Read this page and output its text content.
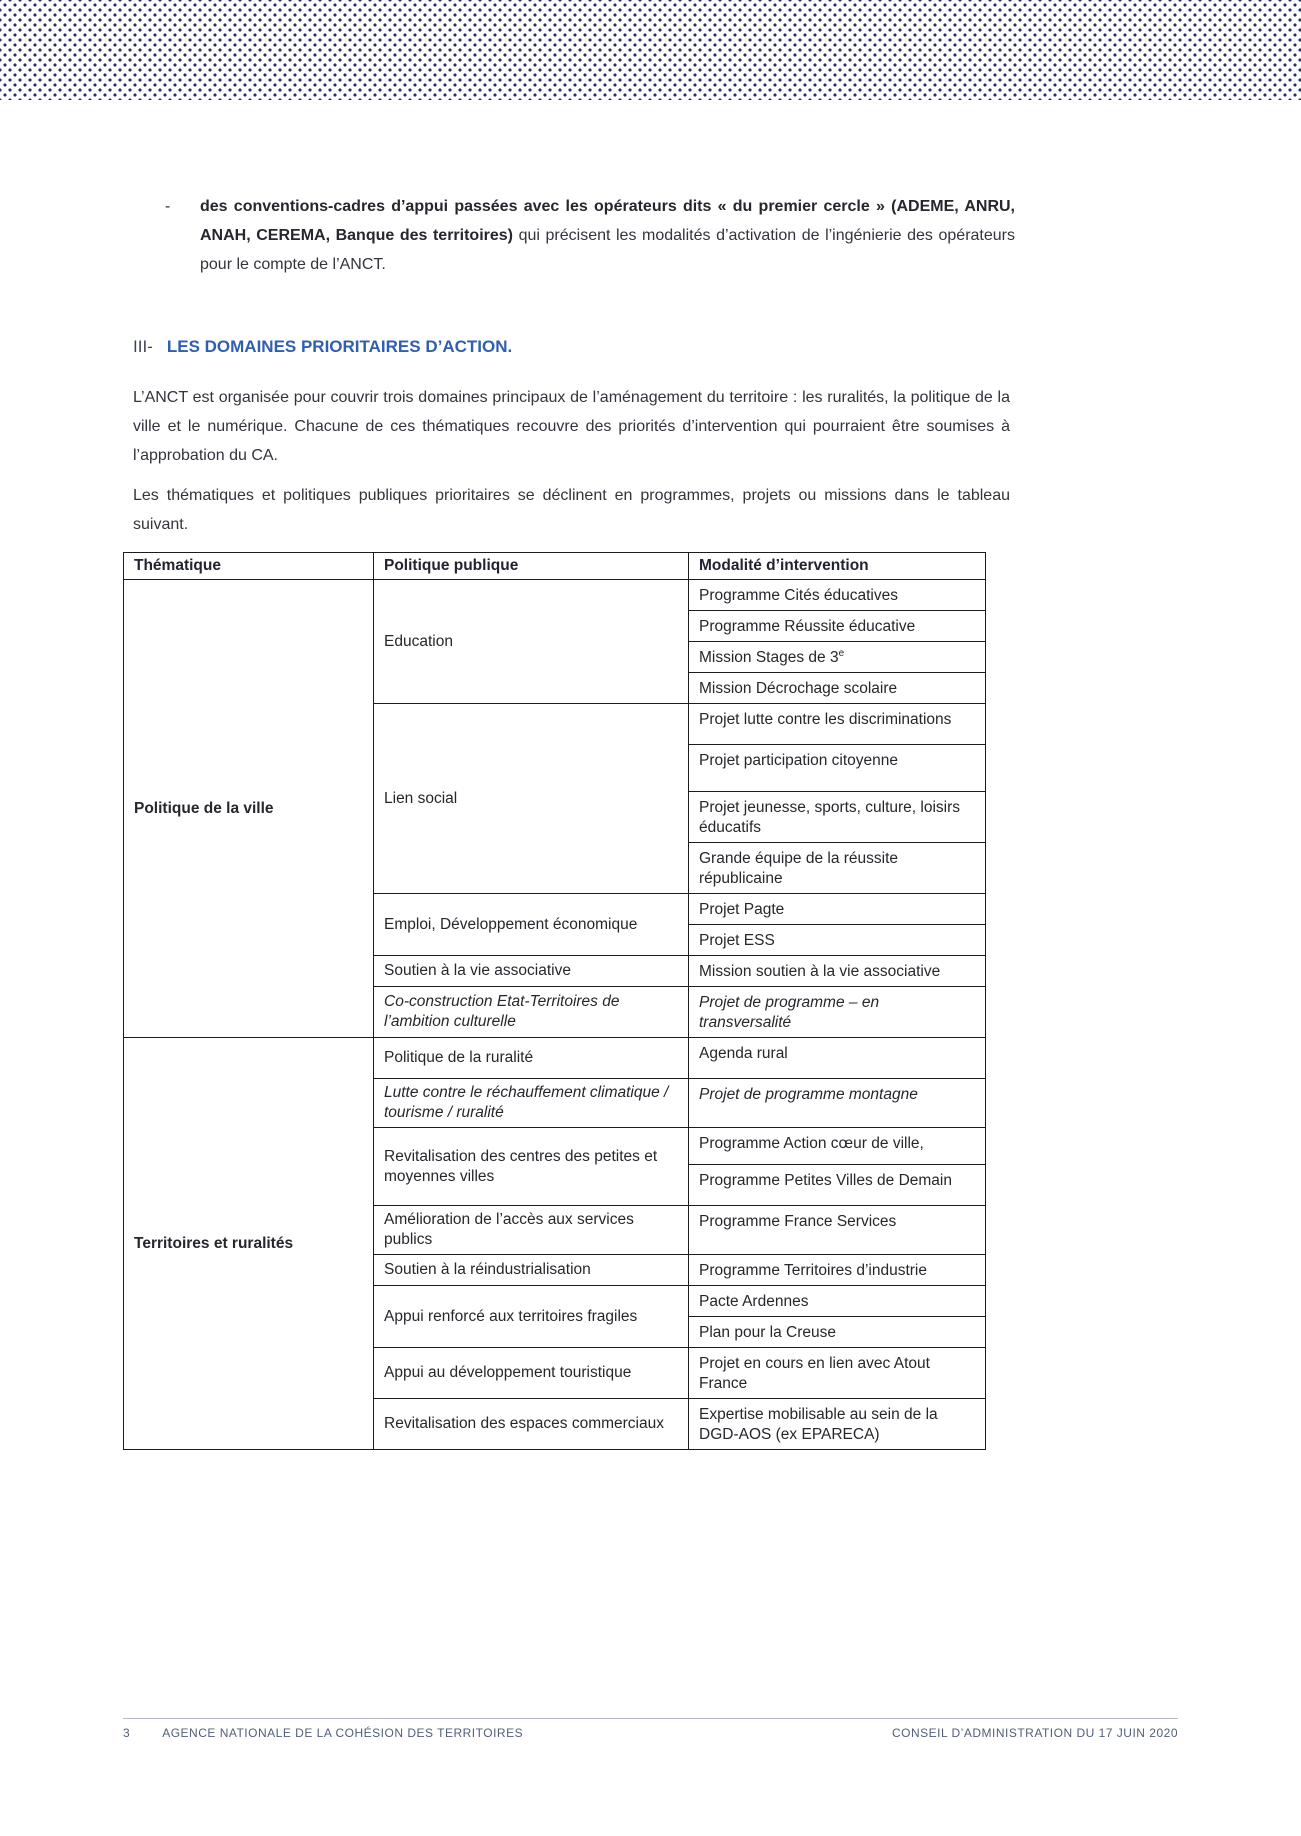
-	des conventions-cadres d’appui passées avec les opérateurs dits « du premier cercle » (ADEME, ANRU, ANAH, CEREMA, Banque des territoires) qui précisent les modalités d’activation de l’ingénierie des opérateurs pour le compte de l’ANCT.

III- LES DOMAINES PRIORITAIRES D’ACTION.

L’ANCT est organisée pour couvrir trois domaines principaux de l’aménagement du territoire : les ruralités, la politique de la ville et le numérique. Chacune de ces thématiques recouvre des priorités d’intervention qui pourraient être soumises à l’approbation du CA.

Les thématiques et politiques publiques prioritaires se déclinent en programmes, projets ou missions dans le tableau suivant.

Thématique	Politique publique	Modalité d’intervention
Politique de la ville	Education	Programme Cités éducatives
		Programme Réussite éducative
		Mission Stages de 3e
		Mission Décrochage scolaire
	Lien social	Projet lutte contre les discriminations
		Projet participation citoyenne
		Projet jeunesse, sports, culture, loisirs éducatifs
		Grande équipe de la réussite républicaine
	Emploi, Développement économique	Projet Pagte
		Projet ESS
	Soutien à la vie associative	Mission soutien à la vie associative
	Co-construction Etat-Territoires de l’ambition culturelle	Projet de programme – en transversalité
Territoires et ruralités	Politique de la ruralité	Agenda rural
	Lutte contre le réchauffement climatique / tourisme / ruralité	Projet de programme montagne
	Revitalisation des centres des petites et moyennes villes	Programme Action cœur de ville,
		Programme Petites Villes de Demain
	Amélioration de l’accès aux services publics	Programme France Services
	Soutien à la réindustrialisation	Programme Territoires d’industrie
	Appui renforcé aux territoires fragiles	Pacte Ardennes
		Plan pour la Creuse
	Appui au développement touristique	Projet en cours en lien avec Atout France
	Revitalisation des espaces commerciaux	Expertise mobilisable au sein de la DGD-AOS (ex EPARECA)
3	AGENCE NATIONALE DE LA COHÉSION DES TERRITOIRES	CONSEIL D’ADMINISTRATION DU 17 JUIN 2020
